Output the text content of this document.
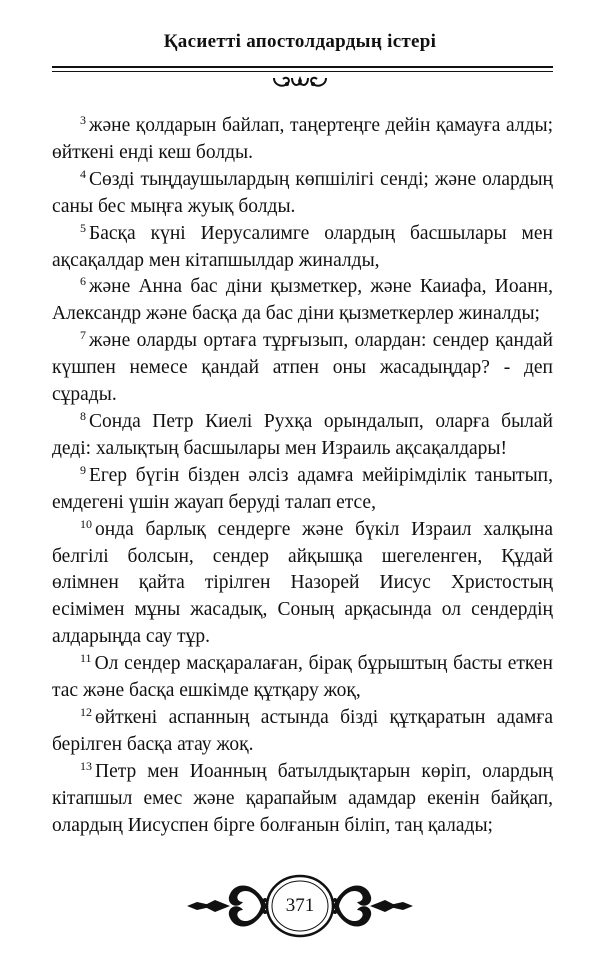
Қасиетті апостолдардың істері
$^3$ және қолдарын байлап, таңертеңге дейін қамауға алды;
өйткені енді кеш болды.
$^4$ Сөзді тыңдаушылардың көпшілігі сенді; және олардың
саны бес мыңға жуық болды.
$^5$ Басқа күні Иерусалимге олардың басшылары мен
ақсақалдар мен кітапшылдар жиналды,
$^6$ және Анна бас діни қызметкер, және Каиафа, Иоанн,
Александр және басқа да бас діни қызметкерлер жиналды;
$^7$ және оларды ортаға тұрғызып, олардан: сендер қандай
күшпен немесе қандай атпен оны жасадыңдар? - деп
сұрады.
$^8$ Сонда Петр Киелі Рухқа орындалып, оларға былай
деді: халықтың басшылары мен Израиль ақсақалдары!
$^9$ Егер бүгін бізден әлсіз адамға мейірімділік танытып,
емдегені үшін жауап беруді талап етсе,
$^{10}$ онда барлық сендерге және бүкіл Израил халқына
белгілі болсын, сендер айқышқа шегеленген, Құдай
өлімнен қайта тірілген Назорей Иисус Христостың
есімімен мұны жасадық, Соның арқасында ол сендердің
алдарыңда сау тұр.
$^{11}$ Ол сендер масқаралаған, бірақ бұрыштың басты еткен
тас және басқа ешкімде құтқару жоқ,
$^{12}$ өйткені аспанның астында бізді құтқаратын адамға
берілген басқа атау жоқ.
$^{13}$ Петр мен Иоанның батылдықтарын көріп, олардың
кітапшыл емес және қарапайым адамдар екенін байқап,
олардың Иисуспен бірге болғанын біліп, таң қалады;
371
